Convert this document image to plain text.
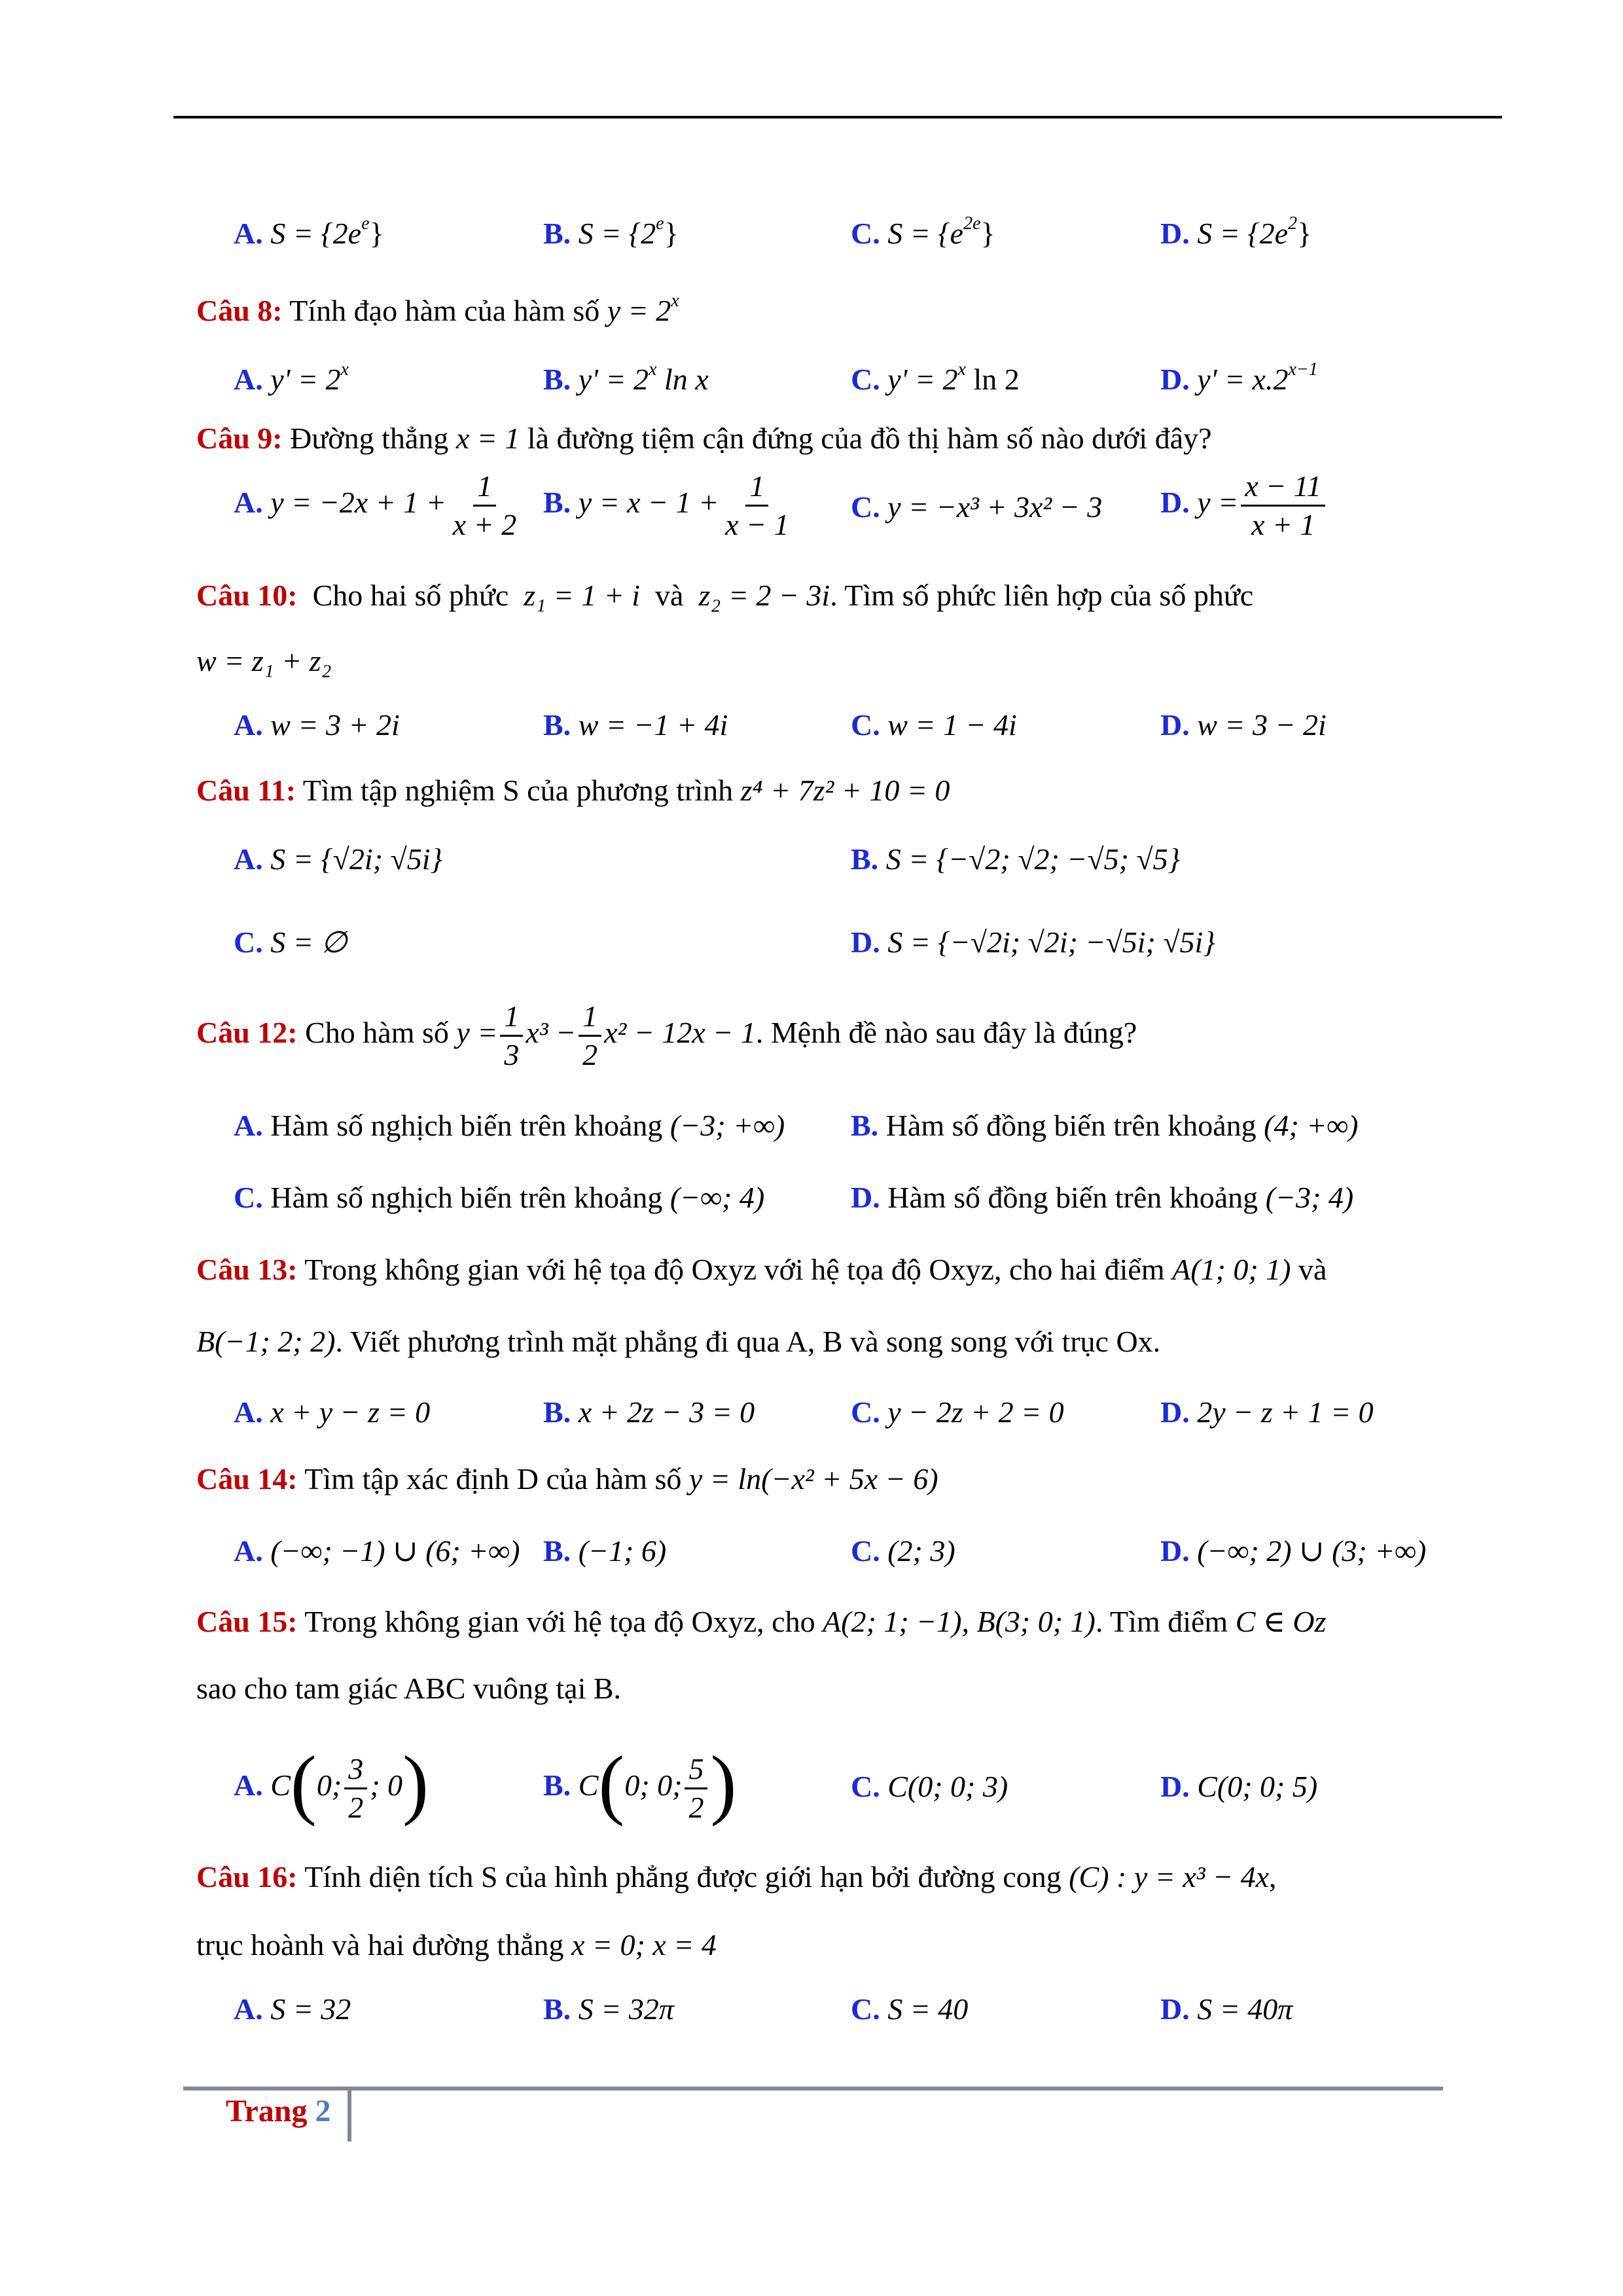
A. $S = \{2e^e\}$	B. $S = \{2^e\}$	C. $S = \{e^{2e}\}$	D. $S = \{2e^2\}$
Câu 8: Tính đạo hàm của hàm số $y = 2^x$
A. $y' = 2^x$	B. $y' = 2^x$ ln x	C. $y' = 2^x$ ln 2	D. $y' = x.2^{x-1}$
Câu 9: Đường thẳng x = 1 là đường tiệm cận đứng của đồ thị hàm số nào dưới đây?
A. $y = -2x + 1 + \frac{1}{x + 2} B$. $y = x - 1 + \frac{1}{x - 1} C$. y = −x³ + 3x² − 3 D. $y = \frac{x - 11}{x + 1}$
Câu 10: Cho hai số phức z₁ = 1 + i và z₂ = 2 − 3i. Tìm số phức liên hợp của số phức
w = z₁ + z₂
A. w = 3 + 2i	B. w = −1 + 4i	C. w = 1 − 4i	D. w = 3 − 2i
Câu 11: Tìm tập nghiệm S của phương trình z⁴ + 7z² + 10 = 0
A. S = {√2i; √5i}	B. S = {−√2; √2; −√5; √5}
C. S = ∅	D. S = {−√2i; √2i; −√5i; √5i}
Câu 12: Cho hàm số $y = \frac{1}{3} x^3 - \frac{1}{2} x^2 - 12x - 1$. Mệnh đề nào sau đây là đúng?
A. Hàm số nghịch biến trên khoảng (−3; +∞) B. Hàm số đồng biến trên khoảng (4; +∞)
C. Hàm số nghịch biến trên khoảng (−∞; 4)	D. Hàm số đồng biến trên khoảng (−3; 4)
Câu 13: Trong không gian với hệ tọa độ Oxyz với hệ tọa độ Oxyz, cho hai điểm A(1; 0; 1) và
B(−1; 2; 2). Viết phương trình mặt phẳng đi qua A, B và song song với trục Ox.
A. x + y − z = 0	B. x + 2z − 3 = 0	C. y − 2z + 2 = 0	D. 2y − z + 1 = 0
Câu 14: Tìm tập xác định D của hàm số y = ln(−x² + 5x − 6)
A. (−∞; −1) ∪ (6; +∞) B. (−1; 6)	C. (2; 3)	D. (−∞; 2) ∪ (3; +∞)
Câu 15: Trong không gian với hệ tọa độ Oxyz, cho A(2; 1; −1), B(3; 0; 1). Tìm điểm C ∈ Oz
sao cho tam giác ABC vuông tại B.
A. C(0; $\frac{3}{2}$ ; 0)	B. C(0; 0; $\frac{5}{2}$ )	C. C(0; 0; 3)	D. C(0; 0; 5)
Câu 16: Tính diện tích S của hình phẳng được giới hạn bởi đường cong (C) : y = x³ − 4x,
trục hoành và hai đường thẳng x = 0; x = 4
A. S = 32	B. S = 32π	C. S = 40	D. S = 40π
Trang 2
